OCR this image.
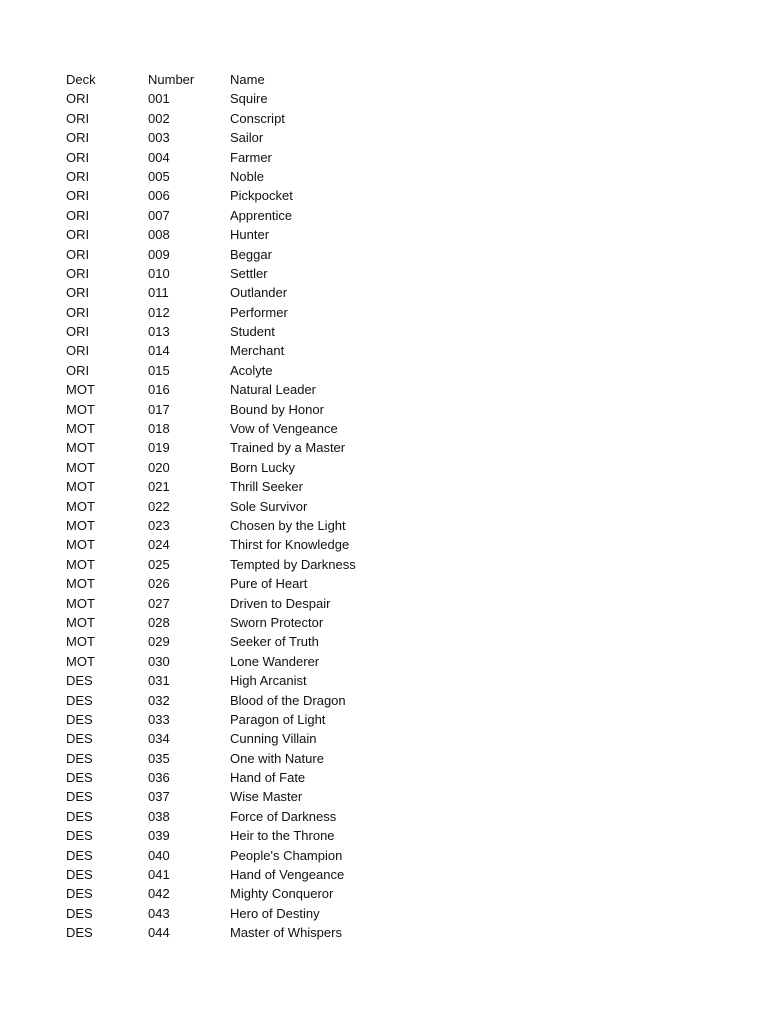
Deck	Number	Name
ORI	001	Squire
ORI	002	Conscript
ORI	003	Sailor
ORI	004	Farmer
ORI	005	Noble
ORI	006	Pickpocket
ORI	007	Apprentice
ORI	008	Hunter
ORI	009	Beggar
ORI	010	Settler
ORI	011	Outlander
ORI	012	Performer
ORI	013	Student
ORI	014	Merchant
ORI	015	Acolyte
MOT	016	Natural Leader
MOT	017	Bound by Honor
MOT	018	Vow of Vengeance
MOT	019	Trained by a Master
MOT	020	Born Lucky
MOT	021	Thrill Seeker
MOT	022	Sole Survivor
MOT	023	Chosen by the Light
MOT	024	Thirst for Knowledge
MOT	025	Tempted by Darkness
MOT	026	Pure of Heart
MOT	027	Driven to Despair
MOT	028	Sworn Protector
MOT	029	Seeker of Truth
MOT	030	Lone Wanderer
DES	031	High Arcanist
DES	032	Blood of the Dragon
DES	033	Paragon of Light
DES	034	Cunning Villain
DES	035	One with Nature
DES	036	Hand of Fate
DES	037	Wise Master
DES	038	Force of Darkness
DES	039	Heir to the Throne
DES	040	People's Champion
DES	041	Hand of Vengeance
DES	042	Mighty Conqueror
DES	043	Hero of Destiny
DES	044	Master of Whispers
